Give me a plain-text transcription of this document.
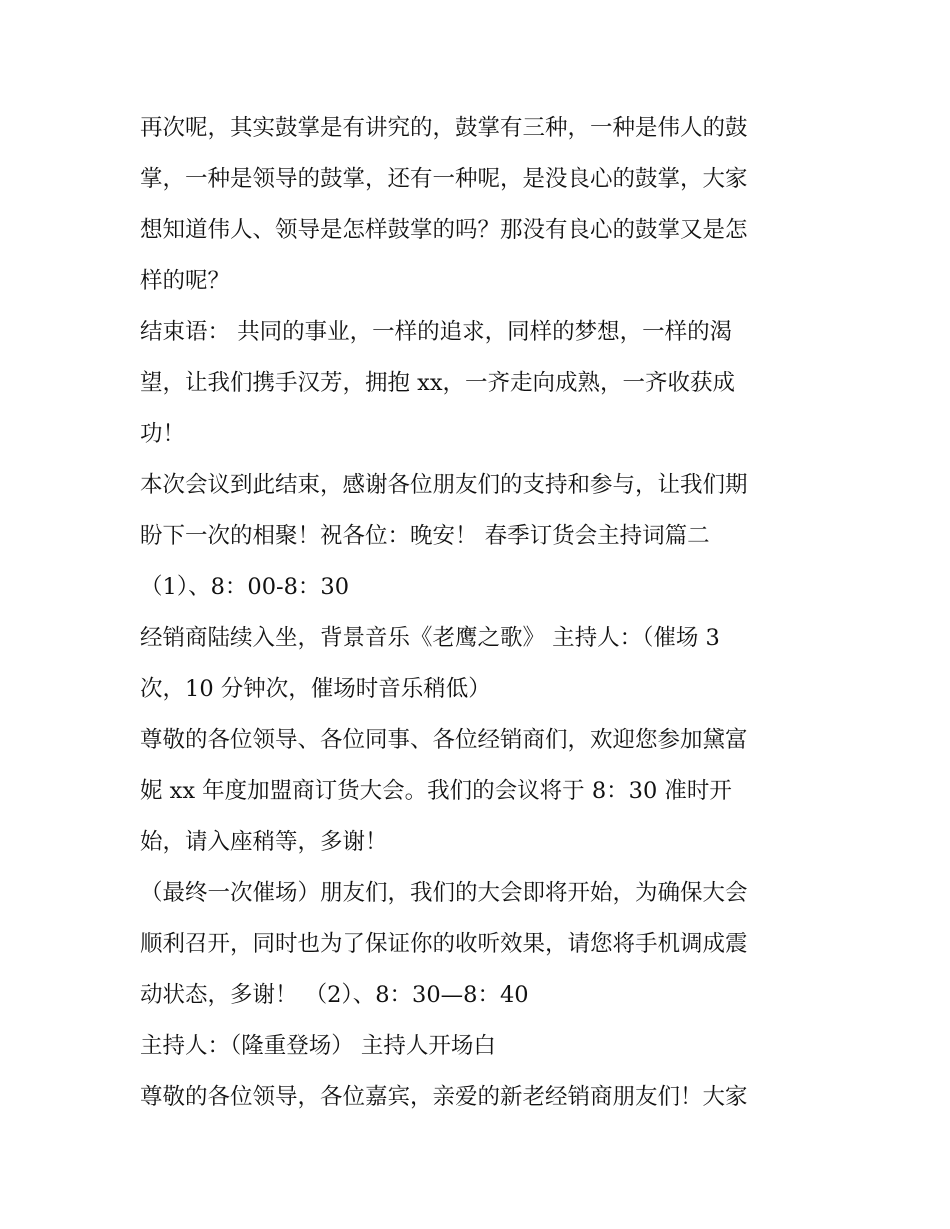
再次呢，其实鼓掌是有讲究的，鼓掌有三种，一种是伟人的鼓

掌，一种是领导的鼓掌，还有一种呢，是没良心的鼓掌，大家

想知道伟人、领导是怎样鼓掌的吗？那没有良心的鼓掌又是怎

样的呢？

结束语： 共同的事业，一样的追求，同样的梦想，一样的渴

望，让我们携手汉芳，拥抱 xx，一齐走向成熟，一齐收获成

功！

本次会议到此结束，感谢各位朋友们的支持和参与，让我们期

盼下一次的相聚！祝各位：晚安！ 春季订货会主持词篇二

（1）、8：00-8：30

经销商陆续入坐，背景音乐《老鹰之歌》 主持人：（催场 3

次，10 分钟次，催场时音乐稍低）

尊敬的各位领导、各位同事、各位经销商们，欢迎您参加黛富

妮 xx 年度加盟商订货大会。我们的会议将于 8：30 准时开

始，请入座稍等，多谢！

（最终一次催场）朋友们，我们的大会即将开始，为确保大会

顺利召开，同时也为了保证你的收听效果，请您将手机调成震

动状态，多谢！ （2）、8：30—8：40

主持人：（隆重登场） 主持人开场白

尊敬的各位领导，各位嘉宾，亲爱的新老经销商朋友们！大家
